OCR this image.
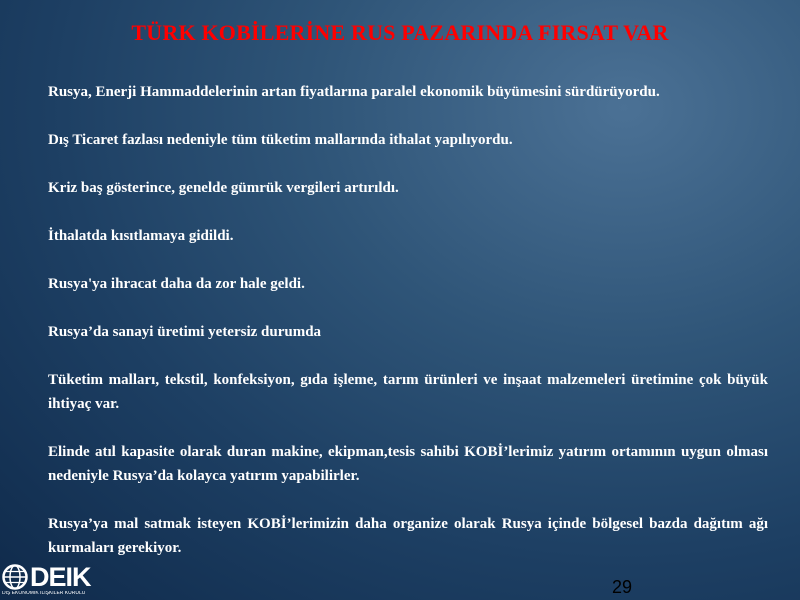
TÜRK KOBİLERİNE RUS PAZARINDA FIRSAT VAR

Rusya, Enerji Hammaddelerinin artan fiyatlarına paralel ekonomik büyümesini sürdürüyordu.

Dış Ticaret fazlası nedeniyle tüm tüketim mallarında ithalat yapılıyordu.

Kriz baş gösterince, genelde gümrük vergileri artırıldı.

İthalatda kısıtlamaya gidildi.

Rusya'ya ihracat daha da zor hale geldi.

Rusya’da sanayi üretimi yetersiz durumda

Tüketim malları, tekstil, konfeksiyon, gıda işleme, tarım ürünleri ve inşaat malzemeleri üretimine çok büyük ihtiyaç var.

Elinde atıl kapasite olarak duran makine, ekipman,tesis sahibi KOBİ’lerimiz yatırım ortamının uygun olması nedeniyle Rusya’da kolayca yatırım yapabilirler.

Rusya’ya mal satmak isteyen KOBİ’lerimizin daha organize olarak Rusya içinde bölgesel bazda dağıtım ağı kurmaları gerekiyor.

DEIK
DIŞ EKONOMİK İLİŞKİLER KURULU	29
